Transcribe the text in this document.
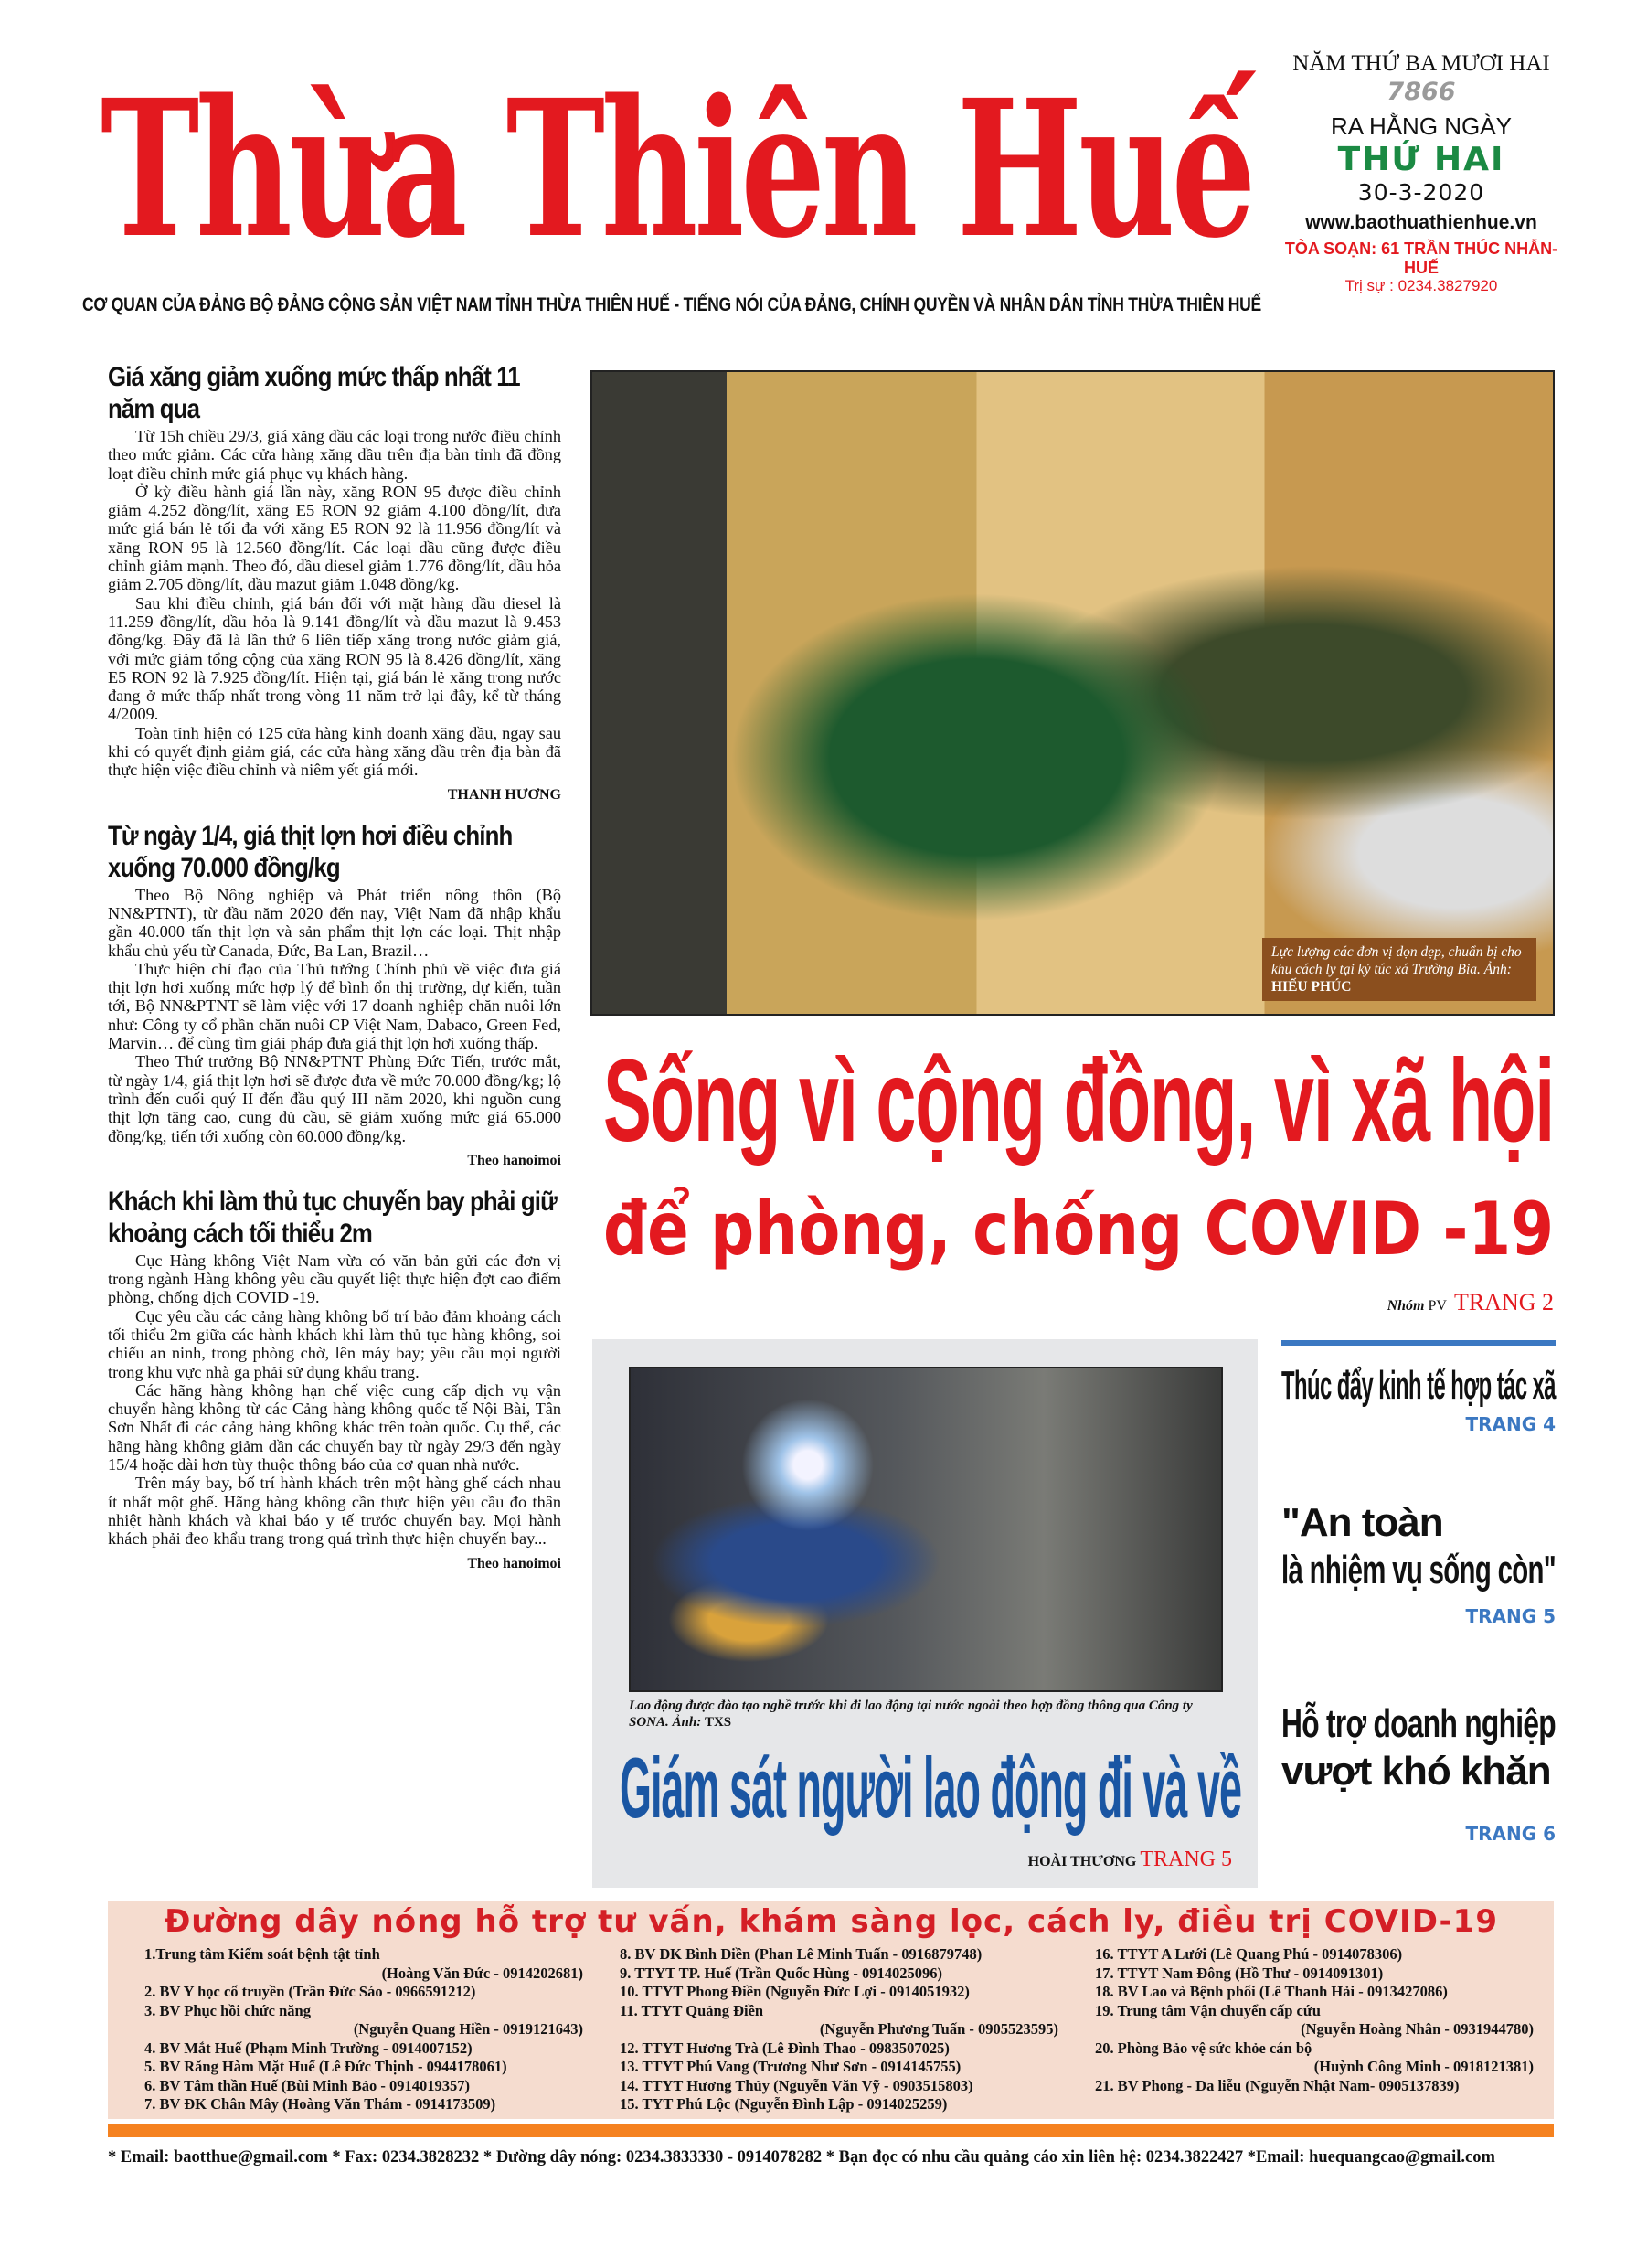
Thừa Thiên Huế
CƠ QUAN CỦA ĐẢNG BỘ ĐẢNG CỘNG SẢN VIỆT NAM TỈNH THỪA THIÊN HUẾ - TIẾNG NÓI CỦA ĐẢNG, CHÍNH QUYỀN VÀ NHÂN DÂN TỈNH THỪA THIÊN HUẾ
NĂM THỨ BA MƯƠI HAI
7866
RA HẰNG NGÀY
THỨ HAI
30-3-2020
www.baothuathienhue.vn
TÒA SOẠN: 61 TRẦN THÚC NHẪN-HUẾ
Trị sự : 0234.3827920
Giá xăng giảm xuống mức thấp nhất 11 năm qua

Từ 15h chiều 29/3, giá xăng dầu các loại trong nước điều chỉnh theo mức giảm. Các cửa hàng xăng dầu trên địa bàn tỉnh đã đồng loạt điều chỉnh mức giá phục vụ khách hàng.

Ở kỳ điều hành giá lần này, xăng RON 95 được điều chỉnh giảm 4.252 đồng/lít, xăng E5 RON 92 giảm 4.100 đồng/lít, đưa mức giá bán lẻ tối đa với xăng E5 RON 92 là 11.956 đồng/lít và xăng RON 95 là 12.560 đồng/lít. Các loại dầu cũng được điều chỉnh giảm mạnh. Theo đó, dầu diesel giảm 1.776 đồng/lít, dầu hỏa giảm 2.705 đồng/lít, dầu mazut giảm 1.048 đồng/kg.

Sau khi điều chỉnh, giá bán đối với mặt hàng dầu diesel là 11.259 đồng/lít, dầu hỏa là 9.141 đồng/lít và dầu mazut là 9.453 đồng/kg. Đây đã là lần thứ 6 liên tiếp xăng trong nước giảm giá, với mức giảm tổng cộng của xăng RON 95 là 8.426 đồng/lít, xăng E5 RON 92 là 7.925 đồng/lít. Hiện tại, giá bán lẻ xăng trong nước đang ở mức thấp nhất trong vòng 11 năm trở lại đây, kể từ tháng 4/2009.

Toàn tỉnh hiện có 125 cửa hàng kinh doanh xăng dầu, ngay sau khi có quyết định giảm giá, các cửa hàng xăng dầu trên địa bàn đã thực hiện việc điều chỉnh và niêm yết giá mới.

THANH HƯƠNG
Từ ngày 1/4, giá thịt lợn hơi điều chỉnh xuống 70.000 đồng/kg

Theo Bộ Nông nghiệp và Phát triển nông thôn (Bộ NN&PTNT), từ đầu năm 2020 đến nay, Việt Nam đã nhập khẩu gần 40.000 tấn thịt lợn và sản phẩm thịt lợn các loại. Thịt nhập khẩu chủ yếu từ Canada, Đức, Ba Lan, Brazil…

Thực hiện chỉ đạo của Thủ tướng Chính phủ về việc đưa giá thịt lợn hơi xuống mức hợp lý để bình ổn thị trường, dự kiến, tuần tới, Bộ NN&PTNT sẽ làm việc với 17 doanh nghiệp chăn nuôi lớn như: Công ty cổ phần chăn nuôi CP Việt Nam, Dabaco, Green Fed, Marvin… để cùng tìm giải pháp đưa giá thịt lợn hơi xuống thấp.

Theo Thứ trưởng Bộ NN&PTNT Phùng Đức Tiến, trước mắt, từ ngày 1/4, giá thịt lợn hơi sẽ được đưa về mức 70.000 đồng/kg; lộ trình đến cuối quý II đến đầu quý III năm 2020, khi nguồn cung thịt lợn tăng cao, cung đủ cầu, sẽ giảm xuống mức giá 65.000 đồng/kg, tiến tới xuống còn 60.000 đồng/kg.

Theo hanoimoi
Khách khi làm thủ tục chuyến bay phải giữ khoảng cách tối thiểu 2m

Cục Hàng không Việt Nam vừa có văn bản gửi các đơn vị trong ngành Hàng không yêu cầu quyết liệt thực hiện đợt cao điểm phòng, chống dịch COVID -19.

Cục yêu cầu các cảng hàng không bố trí bảo đảm khoảng cách tối thiểu 2m giữa các hành khách khi làm thủ tục hàng không, soi chiếu an ninh, trong phòng chờ, lên máy bay; yêu cầu mọi người trong khu vực nhà ga phải sử dụng khẩu trang.

Các hãng hàng không hạn chế việc cung cấp dịch vụ vận chuyển hàng không từ các Cảng hàng không quốc tế Nội Bài, Tân Sơn Nhất đi các cảng hàng không khác trên toàn quốc. Cụ thể, các hãng hàng không giảm dần các chuyến bay từ ngày 29/3 đến ngày 15/4 hoặc dài hơn tùy thuộc thông báo của cơ quan nhà nước.

Trên máy bay, bố trí hành khách trên một hàng ghế cách nhau ít nhất một ghế. Hãng hàng không cần thực hiện yêu cầu đo thân nhiệt hành khách và khai báo y tế trước chuyến bay. Mọi hành khách phải đeo khẩu trang trong quá trình thực hiện chuyến bay...

Theo hanoimoi
Lực lượng các đơn vị dọn dẹp, chuẩn bị cho khu cách ly tại ký túc xá Trường Bia. Ảnh: HIẾU PHÚC
Sống vì cộng đồng, vì xã hội
để phòng, chống COVID -19
Nhóm PV TRANG 2
Lao động được đào tạo nghề trước khi đi lao động tại nước ngoài theo hợp đồng thông qua Công ty SONA. Ảnh: TXS
Giám sát người lao động đi và về
HOÀI THƯƠNG TRANG 5
Thúc đẩy kinh tế hợp tác xã
TRANG 4
"An toàn
là nhiệm vụ sống còn"
TRANG 5
Hỗ trợ doanh nghiệp
vượt khó khăn
TRANG 6
Đường dây nóng hỗ trợ tư vấn, khám sàng lọc, cách ly, điều trị COVID-19
1.Trung tâm Kiểm soát bệnh tật tỉnh
(Hoàng Văn Đức - 0914202681)
2. BV Y học cổ truyền (Trần Đức Sáo - 0966591212)
3. BV Phục hồi chức năng
(Nguyễn Quang Hiền - 0919121643)
4. BV Mắt Huế (Phạm Minh Trường - 0914007152)
5. BV Răng Hàm Mặt Huế (Lê Đức Thịnh - 0944178061)
6. BV Tâm thần Huế (Bùi Minh Bảo - 0914019357)
7. BV ĐK Chân Mây (Hoàng Văn Thám - 0914173509)
8. BV ĐK Bình Điền (Phan Lê Minh Tuấn - 0916879748)
9. TTYT TP. Huế (Trần Quốc Hùng - 0914025096)
10. TTYT Phong Điền (Nguyễn Đức Lợi - 0914051932)
11. TTYT Quảng Điền
(Nguyễn Phương Tuấn - 0905523595)
12. TTYT Hương Trà (Lê Đình Thao - 0983507025)
13. TTYT Phú Vang (Trương Như Sơn - 0914145755)
14. TTYT Hương Thủy (Nguyễn Văn Vỹ - 0903515803)
15. TYT Phú Lộc (Nguyễn Đình Lập - 0914025259)
16. TTYT A Lưới (Lê Quang Phú - 0914078306)
17. TTYT Nam Đông (Hồ Thư - 0914091301)
18. BV Lao và Bệnh phổi (Lê Thanh Hải - 0913427086)
19. Trung tâm Vận chuyển cấp cứu
(Nguyễn Hoàng Nhân - 0931944780)
20. Phòng Bảo vệ sức khỏe cán bộ
(Huỳnh Công Minh - 0918121381)
21. BV Phong - Da liễu (Nguyễn Nhật Nam- 0905137839)
* Email: baotthue@gmail.com * Fax: 0234.3828232 * Đường dây nóng: 0234.3833330 - 0914078282 * Bạn đọc có nhu cầu quảng cáo xin liên hệ: 0234.3822427 *Email: huequangcao@gmail.com
